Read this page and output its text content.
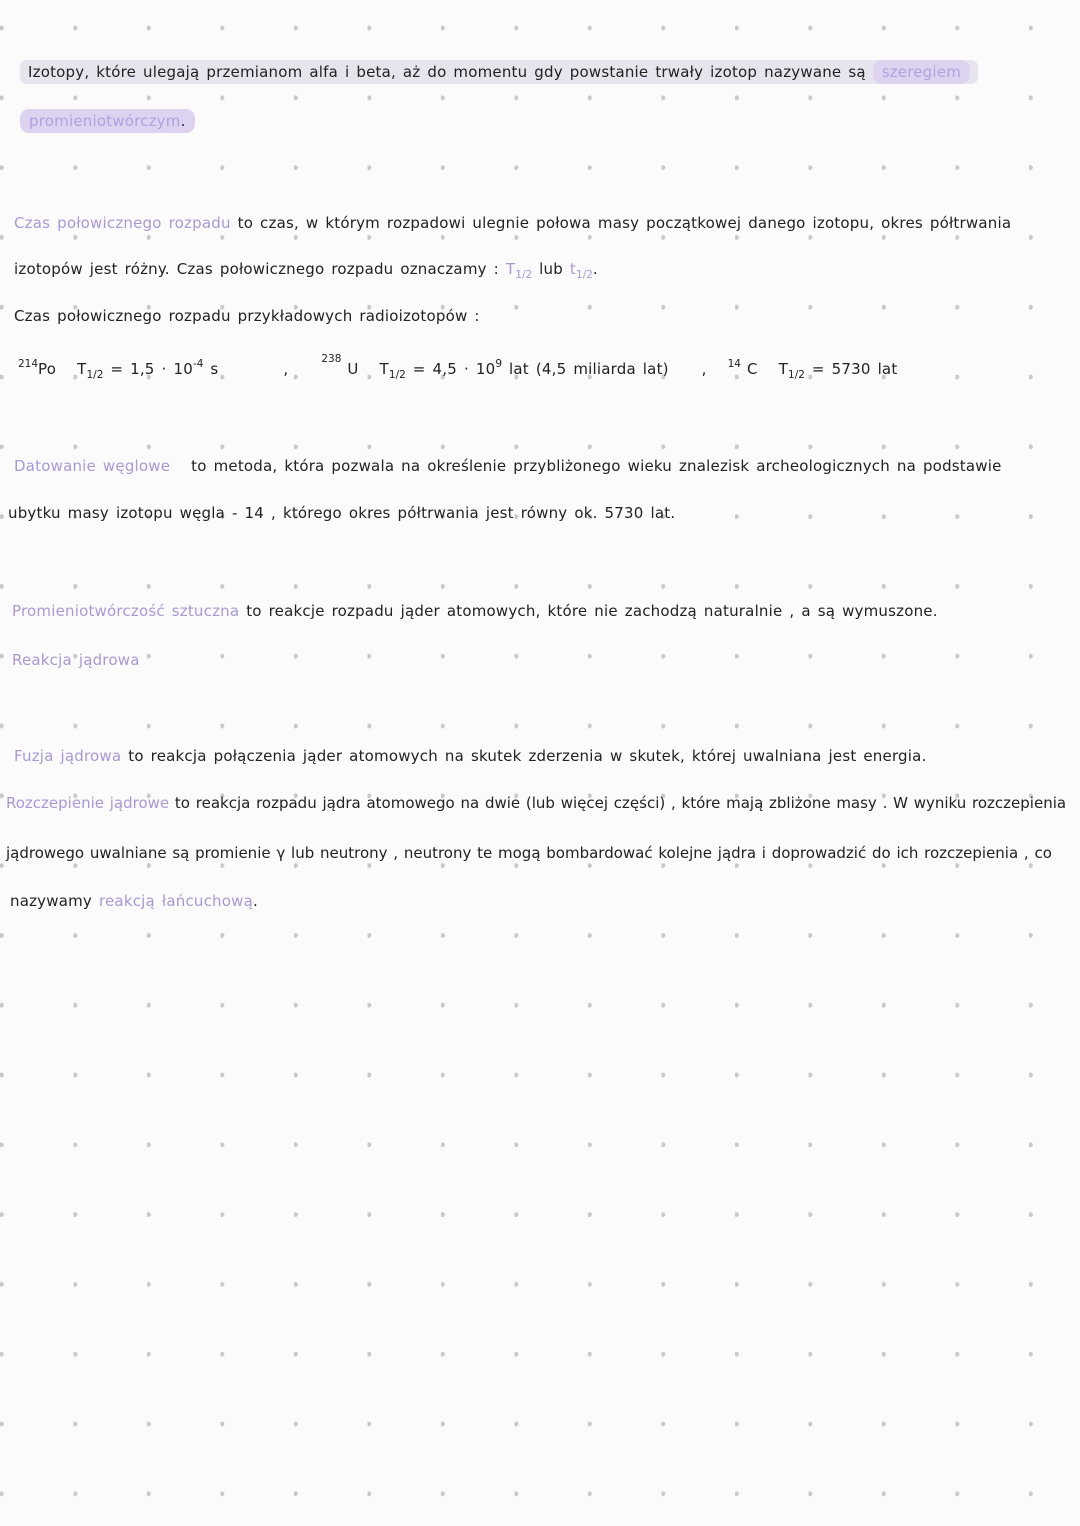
Izotopy, które ulegają przemianom alfa i beta, aż do momentu gdy powstanie trwały izotop nazywane są szeregiem
promieniotwórczym.
Czas połowicznego rozpadu to czas, w którym rozpadowi ulegnie połowa masy początkowej danego izotopu, okres półtrwania
izotopów jest różny. Czas połowicznego rozpadu oznaczamy : $T_{1/2}$ lub $t_{1/2}$.
Czas połowicznego rozpadu przykładowych radioizotopów :
$^{214}$Po $T_{1/2} = 1,5 \cdot 10^{-4}$ s	, $^{238}$U $T_{1/2} = 4,5 \cdot 10^9$ lat (4,5 miliarda lat) , $^{14}$ C $T_{1/2} = 5730$ lat
Datowanie węglowe to metoda, która pozwala na określenie przybliżonego wieku znalezisk archeologicznych na podstawie
ubytku masy izotopu węgla - 14 , którego okres półtrwania jest równy ok. 5730 lat.
Promieniotwórczość sztuczna to reakcje rozpadu jąder atomowych, które nie zachodzą naturalnie , a są wymuszone.
Reakcja jądrowa
Fuzja jądrowa to reakcja połączenia jąder atomowych na skutek zderzenia w skutek, której uwalniana jest energia.
Rozczepienie jądrowe to reakcja rozpadu jądra atomowego na dwie (lub więcej części) , które mają zbliżone masy . W wyniku rozczepienia
jądrowego uwalniane są promienie γ lub neutrony , neutrony te mogą bombardować kolejne jądra i doprowadzić do ich rozczepienia , co
nazywamy reakcją łańcuchową.
